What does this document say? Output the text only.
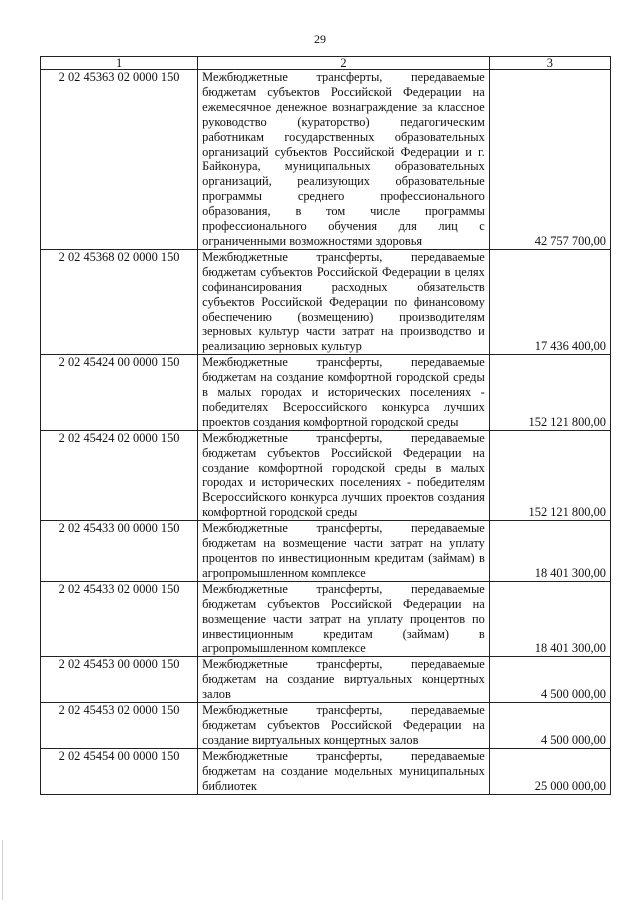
29
1	2	3
2 02 45363 02 0000 150	Межбюджетные трансферты, передаваемые бюджетам субъектов Российской Федерации на ежемесячное денежное вознаграждение за классное руководство (кураторство) педагогическим работникам государственных образовательных организаций субъектов Российской Федерации и г. Байконура, муниципальных образовательных организаций, реализующих образовательные программы среднего профессионального образования, в том числе программы профессионального обучения для лиц с ограниченными возможностями здоровья	42 757 700,00
2 02 45368 02 0000 150	Межбюджетные трансферты, передаваемые бюджетам субъектов Российской Федерации в целях софинансирования расходных обязательств субъектов Российской Федерации по финансовому обеспечению (возмещению) производителям зерновых культур части затрат на производство и реализацию зерновых культур	17 436 400,00
2 02 45424 00 0000 150	Межбюджетные трансферты, передаваемые бюджетам на создание комфортной городской среды в малых городах и исторических поселениях - победителях Всероссийского конкурса лучших проектов создания комфортной городской среды	152 121 800,00
2 02 45424 02 0000 150	Межбюджетные трансферты, передаваемые бюджетам субъектов Российской Федерации на создание комфортной городской среды в малых городах и исторических поселениях - победителям Всероссийского конкурса лучших проектов создания комфортной городской среды	152 121 800,00
2 02 45433 00 0000 150	Межбюджетные трансферты, передаваемые бюджетам на возмещение части затрат на уплату процентов по инвестиционным кредитам (займам) в агропромышленном комплексе	18 401 300,00
2 02 45433 02 0000 150	Межбюджетные трансферты, передаваемые бюджетам субъектов Российской Федерации на возмещение части затрат на уплату процентов по инвестиционным кредитам (займам) в агропромышленном комплексе	18 401 300,00
2 02 45453 00 0000 150	Межбюджетные трансферты, передаваемые бюджетам на создание виртуальных концертных залов	4 500 000,00
2 02 45453 02 0000 150	Межбюджетные трансферты, передаваемые бюджетам субъектов Российской Федерации на создание виртуальных концертных залов	4 500 000,00
2 02 45454 00 0000 150	Межбюджетные трансферты, передаваемые бюджетам на создание модельных муниципальных библиотек	25 000 000,00
